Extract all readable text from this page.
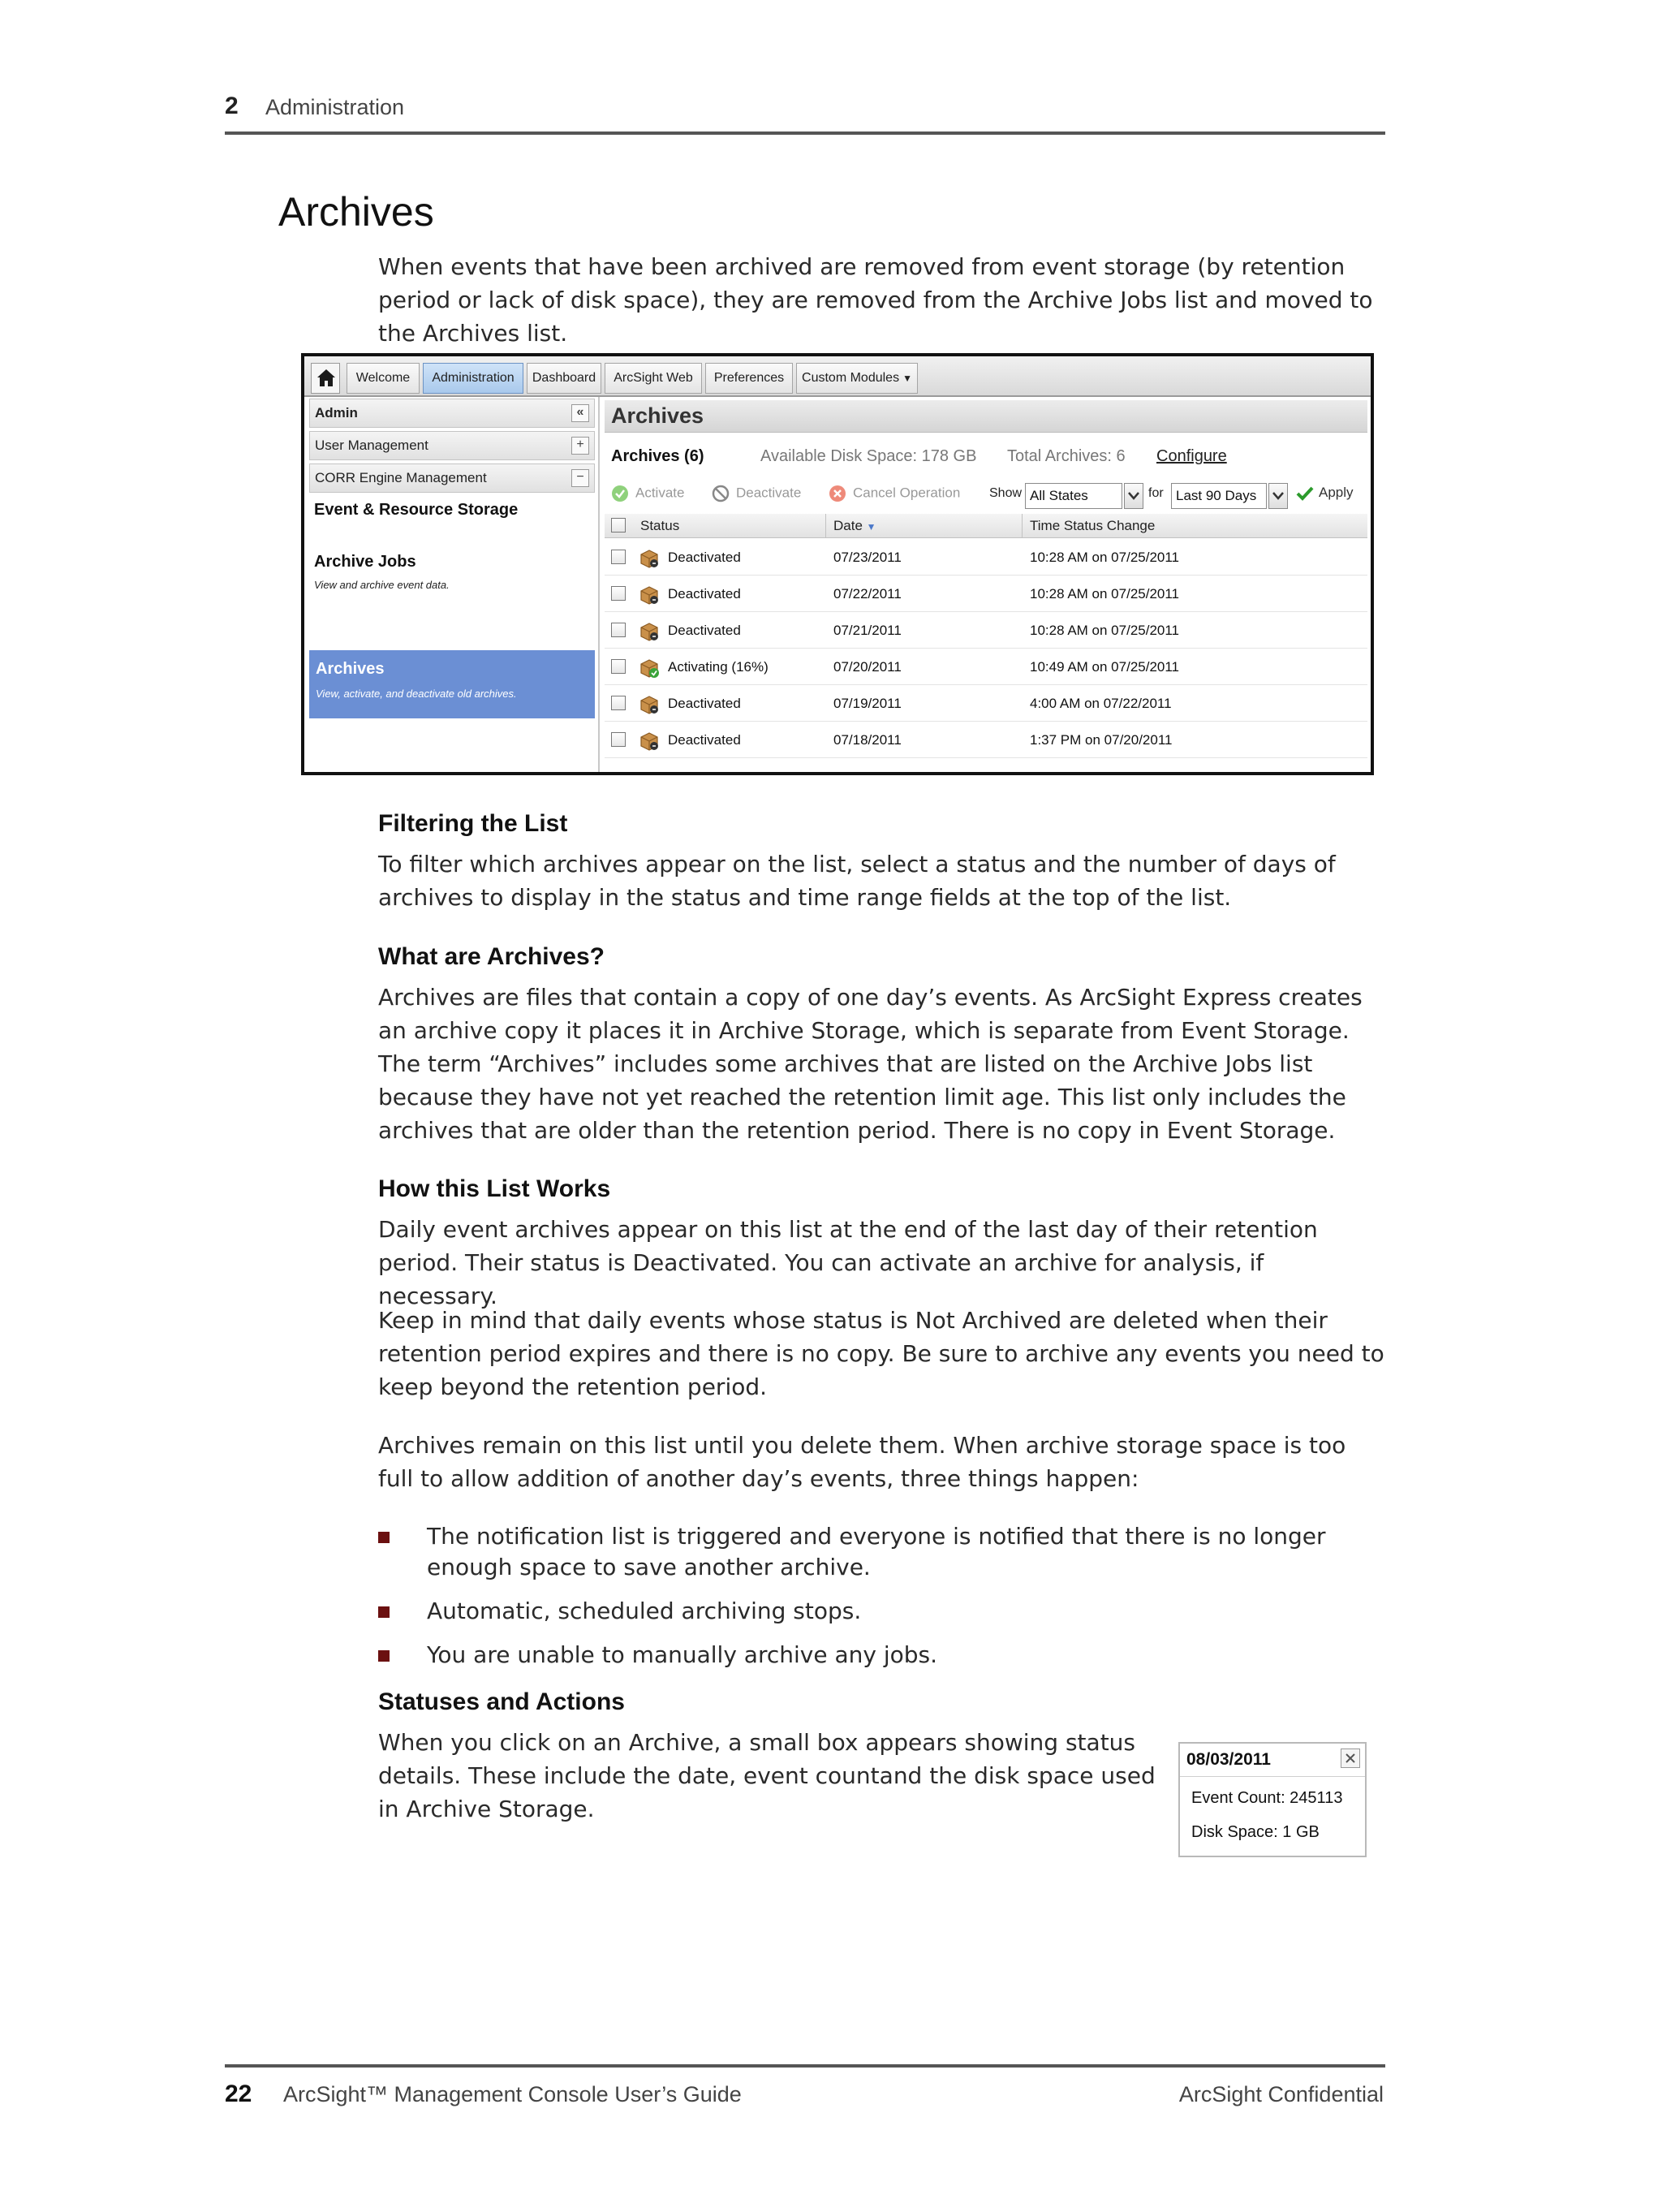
2 Administration
Archives

When events that have been archived are removed from event storage (by retention period or lack of disk space), they are removed from the Archive Jobs list and moved to the Archives list.

Welcome	Administration	Dashboard	ArcSight Web	Preferences	Custom Modules ▼
Admin	«
User Management	+
CORR Engine Management	−
Event & Resource Storage
Archive Jobs
View and archive event data.
Archives
View, activate, and deactivate old archives.
Archives
Archives (6)	Available Disk Space: 178 GB Total Archives: 6 Configure
Activate	Deactivate	Cancel Operation Show All States	for Last 90 Days	Apply
Status	Date ▼	Time Status Change
Deactivated	07/23/2011	10:28 AM on 07/25/2011
Deactivated	07/22/2011	10:28 AM on 07/25/2011
Deactivated	07/21/2011	10:28 AM on 07/25/2011
Activating (16%)	07/20/2011	10:49 AM on 07/25/2011
Deactivated	07/19/2011	4:00 AM on 07/22/2011
Deactivated	07/18/2011	1:37 PM on 07/20/2011
Filtering the List

To filter which archives appear on the list, select a status and the number of days of archives to display in the status and time range fields at the top of the list.

What are Archives?

Archives are files that contain a copy of one day’s events. As ArcSight Express creates an archive copy it places it in Archive Storage, which is separate from Event Storage. The term “Archives” includes some archives that are listed on the Archive Jobs list because they have not yet reached the retention limit age. This list only includes the archives that are older than the retention period. There is no copy in Event Storage.

How this List Works

Daily event archives appear on this list at the end of the last day of their retention period. Their status is Deactivated. You can activate an archive for analysis, if necessary.

Keep in mind that daily events whose status is Not Archived are deleted when their retention period expires and there is no copy. Be sure to archive any events you need to keep beyond the retention period.

Archives remain on this list until you delete them. When archive storage space is too full to allow addition of another day’s events, three things happen:

The notification list is triggered and everyone is notified that there is no longer enough space to save another archive.
Automatic, scheduled archiving stops.
You are unable to manually archive any jobs.
Statuses and Actions

When you click on an Archive, a small box appears showing status details. These include the date, event countand the disk space used in Archive Storage.

08/03/2011
Event Count: 245113
Disk Space: 1 GB
22 ArcSight™ Management Console User’s Guide	ArcSight Confidential
